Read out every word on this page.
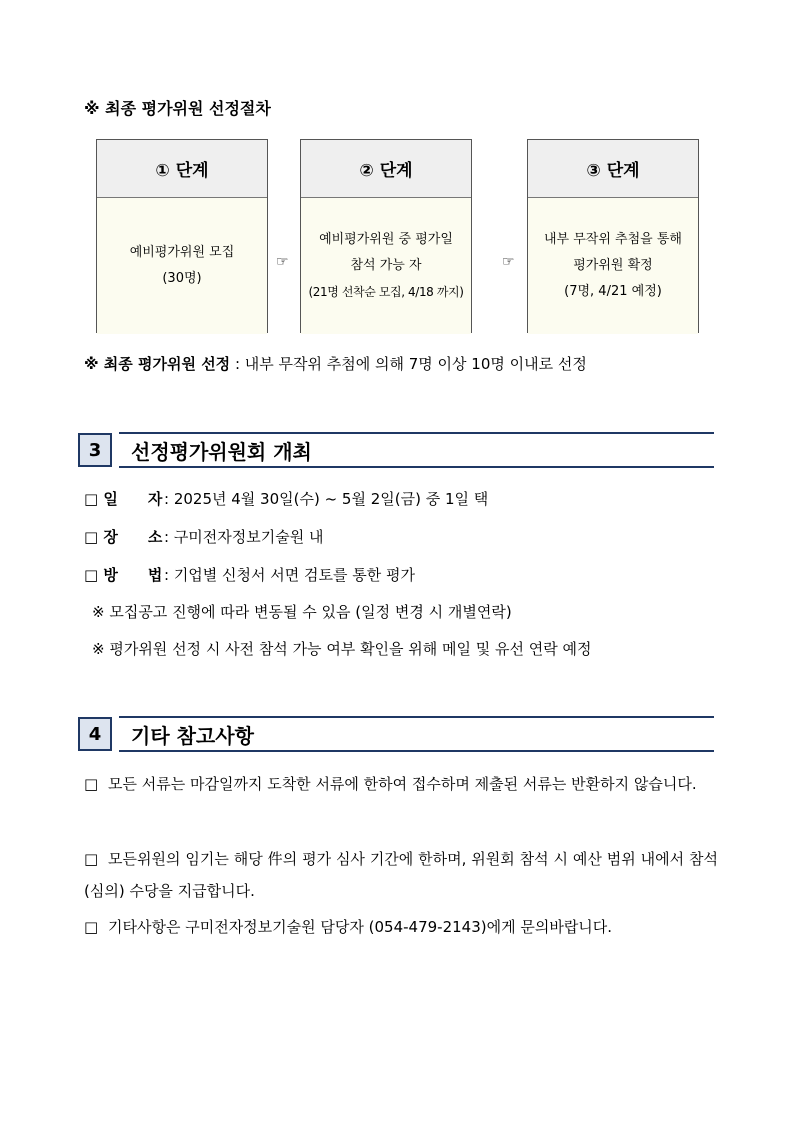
※ 최종 평가위원 선정절차
① 단계
예비평가위원 모집
(30명)
☞
② 단계
예비평가위원 중 평가일
참석 가능 자
(21명 선착순 모집, 4/18 까지)
☞
③ 단계
내부 무작위 추첨을 통해
평가위원 확정
(7명, 4/21 예정)
※ 최종 평가위원 선정 : 내부 무작위 추첨에 의해 7명 이상 10명 이내로 선정
3	선정평가위원회 개최
□ 일　　자 : 2025년 4월 30일(수) ~ 5월 2일(금) 중 1일 택
□ 장　　소 : 구미전자정보기술원 내
□ 방　　법 : 기업별 신청서 서면 검토를 통한 평가
※ 모집공고 진행에 따라 변동될 수 있음 (일정 변경 시 개별연락)
※ 평가위원 선정 시 사전 참석 가능 여부 확인을 위해 메일 및 유선 연락 예정
4	기타 참고사항
□ 모든 서류는 마감일까지 도착한 서류에 한하여 접수하며 제출된 서류는 반환하지 않습니다.
□ 모든위원의 임기는 해당 件의 평가 심사 기간에 한하며, 위원회 참석 시 예산 범위 내에서 참석(심의) 수당을 지급합니다.
□ 기타사항은 구미전자정보기술원 담당자 (054-479-2143)에게 문의바랍니다.
